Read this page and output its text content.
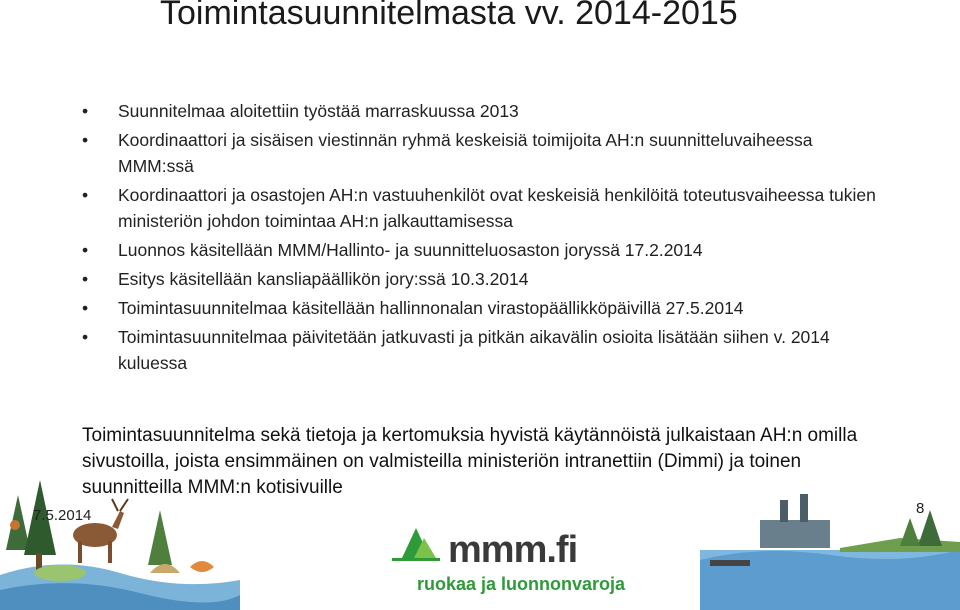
Toimintasuunnitelmasta vv. 2014-2015
• Suunnitelmaa aloitettiin työstää marraskuussa 2013
• Koordinaattori ja sisäisen viestinnän ryhmä keskeisiä toimijoita AH:n suunnitteluvaiheessa MMM:ssä
• Koordinaattori ja osastojen AH:n vastuuhenkilöt ovat keskeisiä henkilöitä toteutusvaiheessa tukien ministeriön johdon toimintaa AH:n jalkauttamisessa
• Luonnos käsitellään MMM/Hallinto- ja suunnitteluosaston joryssä 17.2.2014
• Esitys käsitellään kansliapäällikön jory:ssä 10.3.2014
• Toimintasuunnitelmaa käsitellään hallinnonalan virastopäällikköpäivillä 27.5.2014
• Toimintasuunnitelmaa päivitetään jatkuvasti ja pitkän aikavälin osioita lisätään siihen v. 2014 kuluessa
Toimintasuunnitelma sekä tietoja ja kertomuksia hyvistä käytännöistä julkaistaan AH:n omilla sivustoilla, joista ensimmäinen on valmisteilla ministeriön intranettiin (Dimmi) ja toinen suunnitteilla MMM:n kotisivuille
mmm.fi
ruokaa ja luonnonvaroja
7.5.2014	8
